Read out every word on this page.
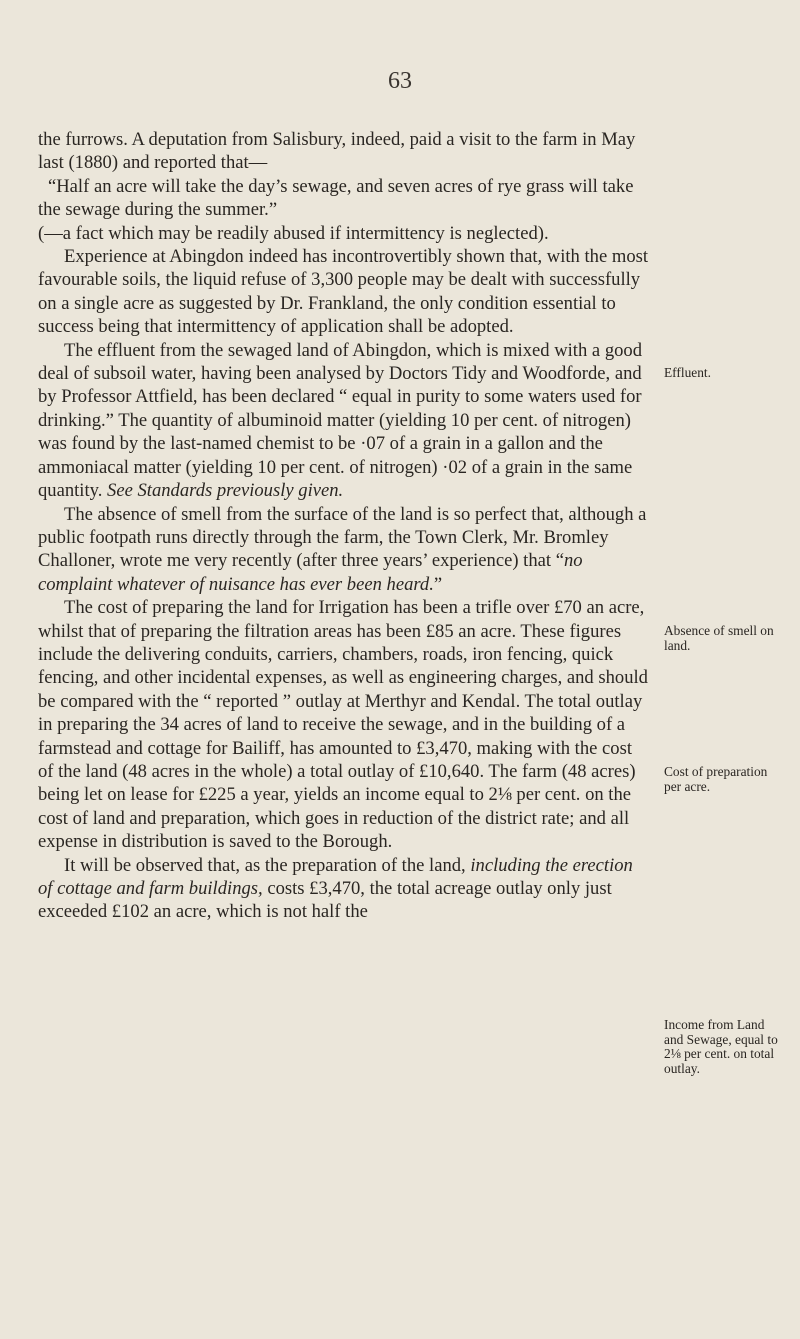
63

the furrows. A deputation from Salisbury, indeed, paid a visit to the farm in May last (1880) and reported that—

“Half an acre will take the day’s sewage, and seven acres of rye grass will take the sewage during the summer.”

(—a fact which may be readily abused if intermittency is neglected).

Experience at Abingdon indeed has incontrovertibly shown that, with the most favourable soils, the liquid refuse of 3,300 people may be dealt with successfully on a single acre as suggested by Dr. Frankland, the only condition essential to success being that intermittency of application shall be adopted.

The effluent from the sewaged land of Abingdon, which is mixed with a good deal of subsoil water, having been analysed by Doctors Tidy and Woodforde, and by Professor Attfield, has been declared “ equal in purity to some waters used for drinking.” The quantity of albuminoid matter (yielding 10 per cent. of nitrogen) was found by the last-named chemist to be ·07 of a grain in a gallon and the ammoniacal matter (yielding 10 per cent. of nitrogen) ·02 of a grain in the same quantity. See Standards previously given.

The absence of smell from the surface of the land is so perfect that, although a public footpath runs directly through the farm, the Town Clerk, Mr. Bromley Challoner, wrote me very recently (after three years’ experience) that “no complaint whatever of nuisance has ever been heard.”

The cost of preparing the land for Irrigation has been a trifle over £70 an acre, whilst that of preparing the filtration areas has been £85 an acre. These figures include the delivering conduits, carriers, chambers, roads, iron fencing, quick fencing, and other incidental expenses, as well as engineering charges, and should be compared with the “ reported ” outlay at Merthyr and Kendal. The total outlay in preparing the 34 acres of land to receive the sewage, and in the building of a farmstead and cottage for Bailiff, has amounted to £3,470, making with the cost of the land (48 acres in the whole) a total outlay of £10,640. The farm (48 acres) being let on lease for £225 a year, yields an income equal to 2⅛ per cent. on the cost of land and preparation, which goes in reduction of the district rate; and all expense in distribution is saved to the Borough.

It will be observed that, as the preparation of the land, including the erection of cottage and farm buildings, costs £3,470, the total acreage outlay only just exceeded £102 an acre, which is not half the

Effluent.
Absence of smell on land.
Cost of preparation per acre.
Income from Land and Sewage, equal to 2⅛ per cent. on total outlay.
